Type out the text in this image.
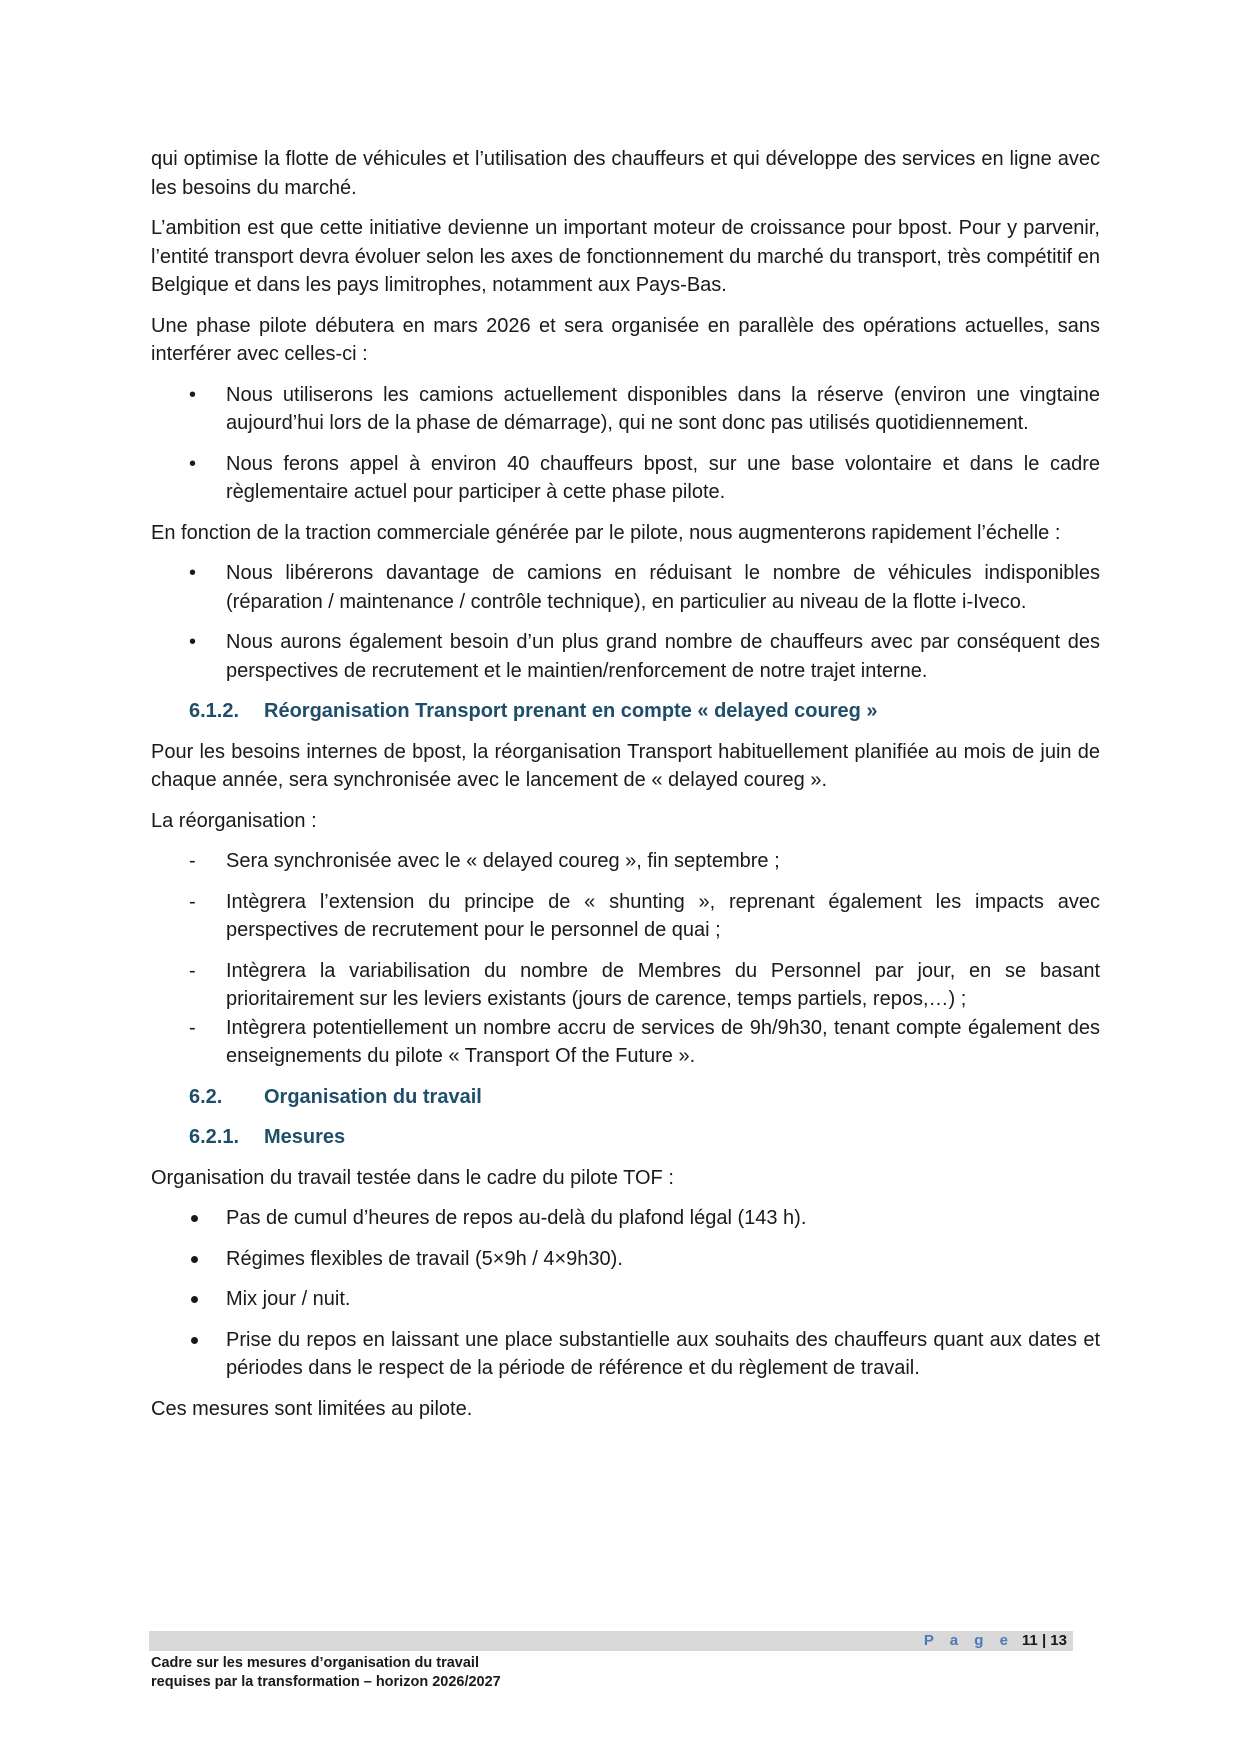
qui optimise la flotte de véhicules et l’utilisation des chauffeurs et qui développe des services en ligne avec les besoins du marché.

L’ambition est que cette initiative devienne un important moteur de croissance pour bpost. Pour y parvenir, l’entité transport devra évoluer selon les axes de fonctionnement du marché du transport, très compétitif en Belgique et dans les pays limitrophes, notamment aux Pays-Bas.

Une phase pilote débutera en mars 2026 et sera organisée en parallèle des opérations actuelles, sans interférer avec celles-ci :

• Nous utiliserons les camions actuellement disponibles dans la réserve (environ une vingtaine aujourd’hui lors de la phase de démarrage), qui ne sont donc pas utilisés quotidiennement.
• Nous ferons appel à environ 40 chauffeurs bpost, sur une base volontaire et dans le cadre règlementaire actuel pour participer à cette phase pilote.

En fonction de la traction commerciale générée par le pilote, nous augmenterons rapidement l’échelle :

• Nous libérerons davantage de camions en réduisant le nombre de véhicules indisponibles (réparation / maintenance / contrôle technique), en particulier au niveau de la flotte i-Iveco.
• Nous aurons également besoin d’un plus grand nombre de chauffeurs avec par conséquent des perspectives de recrutement et le maintien/renforcement de notre trajet interne.
6.1.2. Réorganisation Transport prenant en compte « delayed coureg »

Pour les besoins internes de bpost, la réorganisation Transport habituellement planifiée au mois de juin de chaque année, sera synchronisée avec le lancement de « delayed coureg ».

La réorganisation :

- Sera synchronisée avec le « delayed coureg », fin septembre ;
- Intègrera l’extension du principe de « shunting », reprenant également les impacts avec perspectives de recrutement pour le personnel de quai ;
- Intègrera la variabilisation du nombre de Membres du Personnel par jour, en se basant prioritairement sur les leviers existants (jours de carence, temps partiels, repos,…) ;
- Intègrera potentiellement un nombre accru de services de 9h/9h30, tenant compte également des enseignements du pilote « Transport Of the Future ».
6.2. Organisation du travail
6.2.1. Mesures

Organisation du travail testée dans le cadre du pilote TOF :

Pas de cumul d’heures de repos au-delà du plafond légal (143 h).
Régimes flexibles de travail (5×9h / 4×9h30).
Mix jour / nuit.
Prise du repos en laissant une place substantielle aux souhaits des chauffeurs quant aux dates et périodes dans le respect de la période de référence et du règlement de travail.

Ces mesures sont limitées au pilote.

P a g e 11 | 13
Cadre sur les mesures d’organisation du travail
requises par la transformation – horizon 2026/2027
